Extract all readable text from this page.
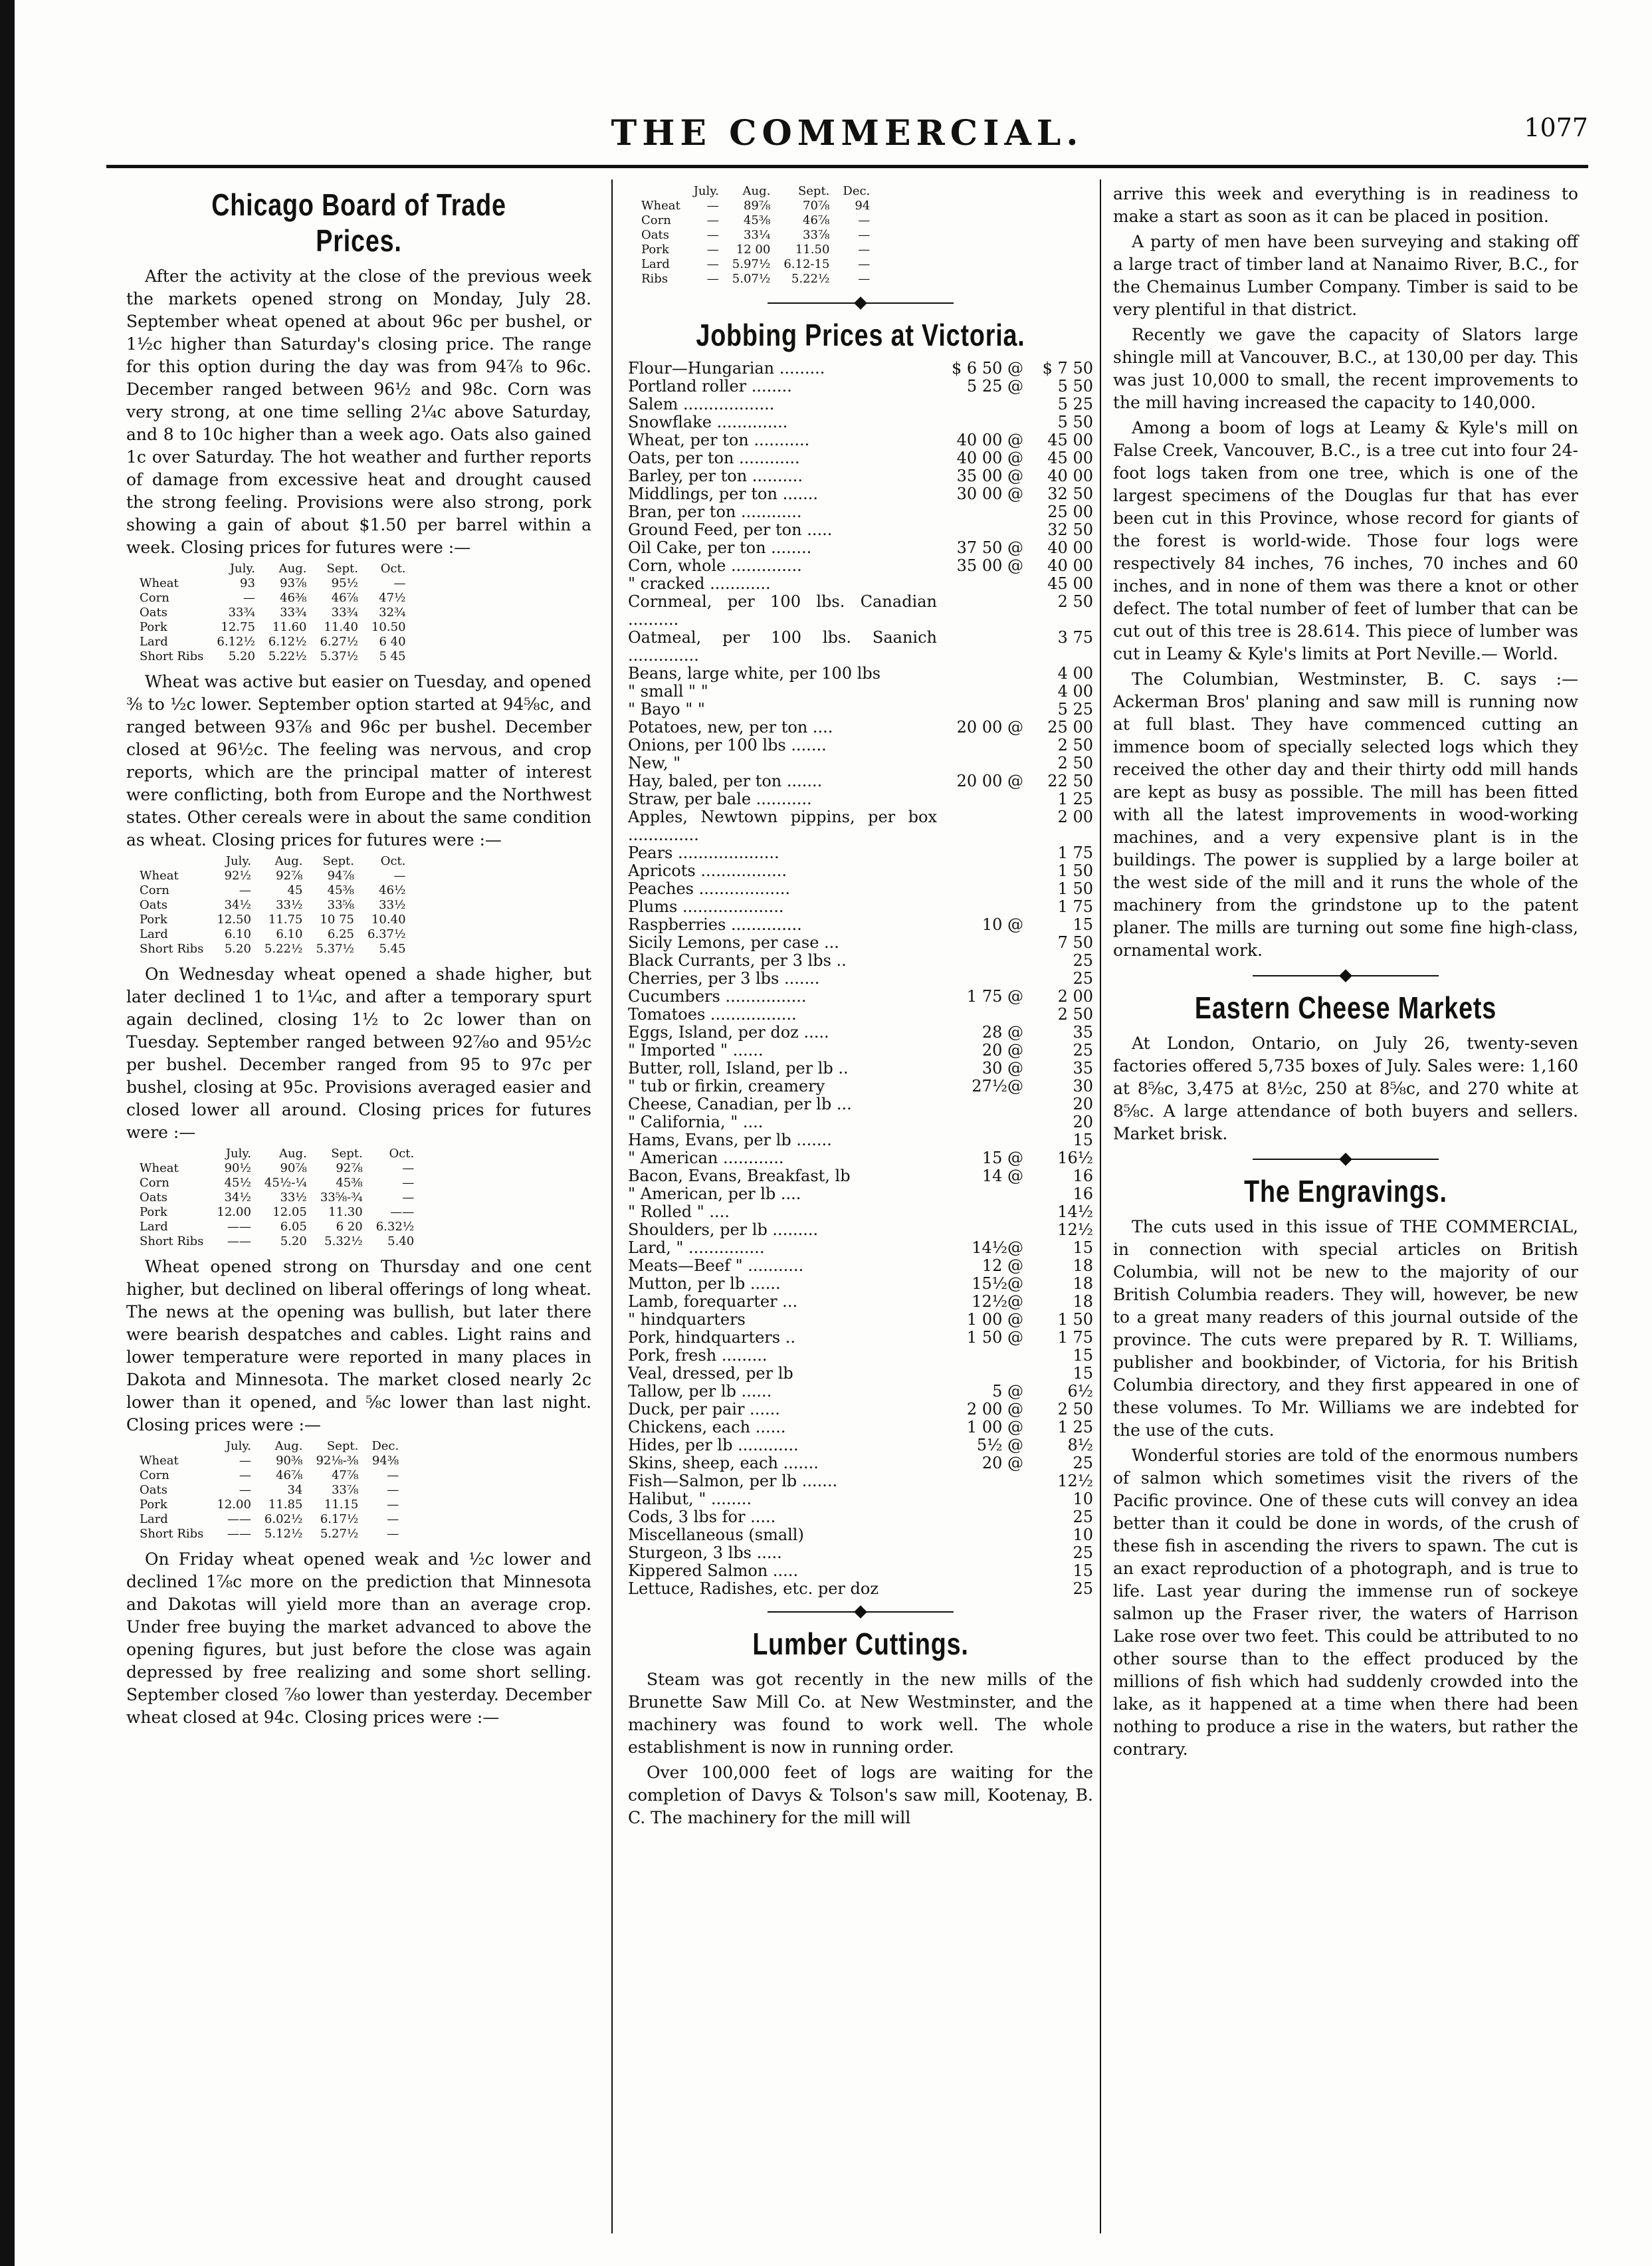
THE COMMERCIAL.	1077
Chicago Board of Trade Prices.

After the activity at the close of the previous week the markets opened strong on Monday, July 28. September wheat opened at about 96c per bushel, or 1½c higher than Saturday's closing price. The range for this option during the day was from 94⅞ to 96c. December ranged between 96½ and 98c. Corn was very strong, at one time selling 2¼c above Saturday, and 8 to 10c higher than a week ago. Oats also gained 1c over Saturday. The hot weather and further reports of damage from excessive heat and drought caused the strong feeling. Provisions were also strong, pork showing a gain of about $1.50 per barrel within a week. Closing prices for futures were :—

	July.	Aug.	Sept.	Oct.
Wheat	93	93⅞	95½	—
Corn	—	46⅜	46⅞	47½
Oats	33¾	33¾	33¾	32¾
Pork	12.75	11.60	11.40	10.50
Lard	6.12½	6.12½	6.27½	6 40
Short Ribs	5.20	5.22½	5.37½	5 45

Wheat was active but easier on Tuesday, and opened ⅜ to ½c lower. September option started at 94⅝c, and ranged between 93⅞ and 96c per bushel. December closed at 96½c. The feeling was nervous, and crop reports, which are the principal matter of interest were conflicting, both from Europe and the Northwest states. Other cereals were in about the same condition as wheat. Closing prices for futures were :—

	July.	Aug.	Sept.	Oct.
Wheat	92½	92⅞	94⅞	—
Corn	—	45	45⅜	46½
Oats	34½	33½	33⅝	33½
Pork	12.50	11.75	10 75	10.40
Lard	6.10	6.10	6.25	6.37½
Short Ribs	5.20	5.22½	5.37½	5.45

On Wednesday wheat opened a shade higher, but later declined 1 to 1¼c, and after a temporary spurt again declined, closing 1½ to 2c lower than on Tuesday. September ranged between 92⅞o and 95½c per bushel. December ranged from 95 to 97c per bushel, closing at 95c. Provisions averaged easier and closed lower all around. Closing prices for futures were :—

	July.	Aug.	Sept.	Oct.
Wheat	90½	90⅞	92⅞	—
Corn	45½	45½-¼	45⅜	—
Oats	34½	33½	33⅝-¾	—
Pork	12.00	12.05	11.30	——
Lard	——	6.05	6 20	6.32½
Short Ribs	——	5.20	5.32½	5.40

Wheat opened strong on Thursday and one cent higher, but declined on liberal offerings of long wheat. The news at the opening was bullish, but later there were bearish despatches and cables. Light rains and lower temperature were reported in many places in Dakota and Minnesota. The market closed nearly 2c lower than it opened, and ⅝c lower than last night. Closing prices were :—

	July.	Aug.	Sept.	Dec.
Wheat	—	90⅜	92⅛-⅜	94⅜
Corn	—	46⅞	47⅞	—
Oats	—	34	33⅞	—
Pork	12.00	11.85	11.15	—
Lard	——	6.02½	6.17½	—
Short Ribs	——	5.12½	5.27½	—

On Friday wheat opened weak and ½c lower and declined 1⅞c more on the prediction that Minnesota and Dakotas will yield more than an average crop. Under free buying the market advanced to above the opening figures, but just before the close was again depressed by free realizing and some short selling. September closed ⅞o lower than yesterday. December wheat closed at 94c. Closing prices were :—

	July.	Aug.	Sept.	Dec.
Wheat	—	89⅞	70⅞	94
Corn	—	45⅜	46⅞	—
Oats	—	33¼	33⅞	—
Pork	—	12 00	11.50	—
Lard	—	5.97½	6.12-15	—
Ribs	—	5.07½	5.22½	—
Jobbing Prices at Victoria.
Flour—Hungarian .........	$ 6 50 @	$ 7 50
Portland roller ........	5 25 @	5 50
Salem ..................		5 25
Snowflake ..............		5 50
Wheat, per ton ...........	40 00 @	45 00
Oats, per ton ............	40 00 @	45 00
Barley, per ton ..........	35 00 @	40 00
Middlings, per ton .......	30 00 @	32 50
Bran, per ton ............		25 00
Ground Feed, per ton .....		32 50
Oil Cake, per ton ........	37 50 @	40 00
Corn, whole ..............	35 00 @	40 00
" cracked ............		45 00
Cornmeal, per 100 lbs. Canadian ..........		2 50
Oatmeal, per 100 lbs. Saanich ..............		3 75
Beans, large white, per 100 lbs		4 00
" small " "		4 00
" Bayo " "		5 25
Potatoes, new, per ton ....	20 00 @	25 00
Onions, per 100 lbs .......		2 50
New, "		2 50
Hay, baled, per ton .......	20 00 @	22 50
Straw, per bale ...........		1 25
Apples, Newtown pippins, per box ..............		2 00
Pears ....................		1 75
Apricots .................		1 50
Peaches ..................		1 50
Plums ....................		1 75
Raspberries ..............	10 @	15
Sicily Lemons, per case ...		7 50
Black Currants, per 3 lbs ..		25
Cherries, per 3 lbs .......		25
Cucumbers ................	1 75 @	2 00
Tomatoes .................		2 50
Eggs, Island, per doz .....	28 @	35
" Imported " ......	20 @	25
Butter, roll, Island, per lb ..	30 @	35
" tub or firkin, creamery	27½@	30
Cheese, Canadian, per lb ...		20
" California, " ....		20
Hams, Evans, per lb .......		15
" American ............	15 @	16½
Bacon, Evans, Breakfast, lb	14 @	16
" American, per lb ....		16
" Rolled " ....		14½
Shoulders, per lb .........		12½
Lard, " ...............	14½@	15
Meats—Beef " ...........	12 @	18
Mutton, per lb ......	15½@	18
Lamb, forequarter ...	12½@	18
" hindquarters	1 00 @	1 50
Pork, hindquarters ..	1 50 @	1 75
Pork, fresh .........		15
Veal, dressed, per lb		15
Tallow, per lb ......	5 @	6½
Duck, per pair ......	2 00 @	2 50
Chickens, each ......	1 00 @	1 25
Hides, per lb ............	5½ @	8½
Skins, sheep, each .......	20 @	25
Fish—Salmon, per lb .......		12½
Halibut, " ........		10
Cods, 3 lbs for .....		25
Miscellaneous (small)		10
Sturgeon, 3 lbs .....		25
Kippered Salmon .....		15
Lettuce, Radishes, etc. per doz		25
Lumber Cuttings.

Steam was got recently in the new mills of the Brunette Saw Mill Co. at New Westminster, and the machinery was found to work well. The whole establishment is now in running order.

Over 100,000 feet of logs are waiting for the completion of Davys & Tolson's saw mill, Kootenay, B. C. The machinery for the mill will

arrive this week and everything is in readiness to make a start as soon as it can be placed in position.

A party of men have been surveying and staking off a large tract of timber land at Nanaimo River, B.C., for the Chemainus Lumber Company. Timber is said to be very plentiful in that district.

Recently we gave the capacity of Slators large shingle mill at Vancouver, B.C., at 130,00 per day. This was just 10,000 to small, the recent improvements to the mill having increased the capacity to 140,000.

Among a boom of logs at Leamy & Kyle's mill on False Creek, Vancouver, B.C., is a tree cut into four 24-foot logs taken from one tree, which is one of the largest specimens of the Douglas fur that has ever been cut in this Province, whose record for giants of the forest is world-wide. Those four logs were respectively 84 inches, 76 inches, 70 inches and 60 inches, and in none of them was there a knot or other defect. The total number of feet of lumber that can be cut out of this tree is 28.614. This piece of lumber was cut in Leamy & Kyle's limits at Port Neville.— World.

The Columbian, Westminster, B. C. says :— Ackerman Bros' planing and saw mill is running now at full blast. They have commenced cutting an immence boom of specially selected logs which they received the other day and their thirty odd mill hands are kept as busy as possible. The mill has been fitted with all the latest improvements in wood-working machines, and a very expensive plant is in the buildings. The power is supplied by a large boiler at the west side of the mill and it runs the whole of the machinery from the grindstone up to the patent planer. The mills are turning out some fine high-class, ornamental work.

Eastern Cheese Markets

At London, Ontario, on July 26, twenty-seven factories offered 5,735 boxes of July. Sales were: 1,160 at 8⅝c, 3,475 at 8½c, 250 at 8⅝c, and 270 white at 8⅝c. A large attendance of both buyers and sellers. Market brisk.

The Engravings.

The cuts used in this issue of THE COMMERCIAL, in connection with special articles on British Columbia, will not be new to the majority of our British Columbia readers. They will, however, be new to a great many readers of this journal outside of the province. The cuts were prepared by R. T. Williams, publisher and bookbinder, of Victoria, for his British Columbia directory, and they first appeared in one of these volumes. To Mr. Williams we are indebted for the use of the cuts.

Wonderful stories are told of the enormous numbers of salmon which sometimes visit the rivers of the Pacific province. One of these cuts will convey an idea better than it could be done in words, of the crush of these fish in ascending the rivers to spawn. The cut is an exact reproduction of a photograph, and is true to life. Last year during the immense run of sockeye salmon up the Fraser river, the waters of Harrison Lake rose over two feet. This could be attributed to no other sourse than to the effect produced by the millions of fish which had suddenly crowded into the lake, as it happened at a time when there had been nothing to produce a rise in the waters, but rather the contrary.
